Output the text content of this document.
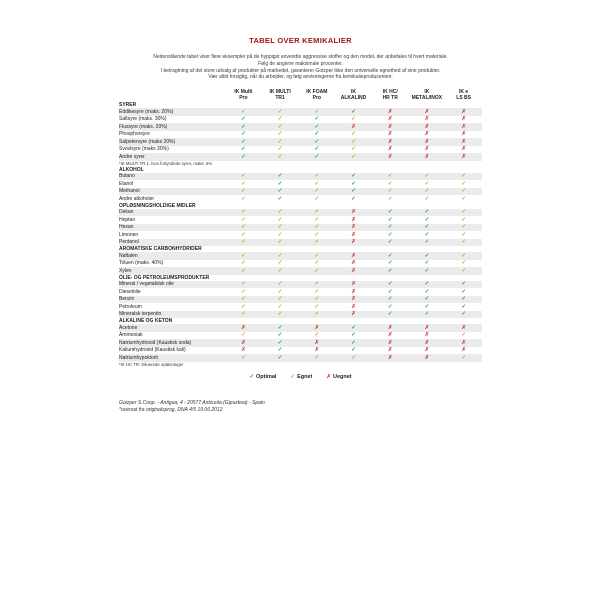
TABEL OVER KEMIKALIER
Nedenstående tabel viser flere eksempler på de hyppigst anvendte aggressive stoffer og den model, der anbefales til hvert materiale.
Følg de angivne maksimale procenter.
I betragtning af det store udvalg af produkter på markedet, garanterer Goizper ikke den universelle egnethed af sine produkter.
Vær altid forsigtig, når du arbejder, og følg anvisningerne fra kemikalieproducenten.

IK Multi
Pro

IK MULTI
TR1

IK FOAM
Pro

IK
ALKALIND

IK HC/
HR TR

IK
METAL/INOX

IK e
LS BS

SYRER							
Eddikesyre (maks. 20%)	✓	✓	✓	✓	✗	✗	✗
Saltsyre (maks. 30%)	✓	✓	✓	✓	✗	✗	✗
Flussyre (maks. 20%)	✓	✓	✓	✗	✗	✗	✗
Phosphorsyre	✓	✓	✓	✓	✗	✗	✗
Salpetersyre (maks 20%)	✓	✓	✓	✓	✗	✗	✗
Svovlsyre (maks 30%)	✓	✓	✓	✓	✗	✗	✗
Andre syrer	✓	✓	✓	✓	✗	✗	✗
*IK MULTI TR 1: Kun fortyndede syrer, maks. 5%							
ALKOHOL							
Butano	✓	✓	✓	✓	✓	✓	✓
Etanol	✓	✓	✓	✓	✓	✓	✓
Methanol	✓	✓	✓	✓	✓	✓	✓
Andre alkoholer	✓	✓	✓	✓	✓	✓	✓
OPLØSNINGSHOLDIGE MIDLER							
Dekan	✓	✓	✓	✗	✓	✓	✓
Heptan	✓	✓	✓	✗	✓	✓	✓
Hexan	✓	✓	✓	✗	✓	✓	✓
Limonen	✓	✓	✓	✗	✓	✓	✓
Pentanol	✓	✓	✓	✗	✓	✓	✓
AROMATISKE CARBONHYDRIDER							
Naftalen	✓	✓	✓	✗	✓	✓	✓
Toluen (maks. 40%)	✓	✓	✓	✗	✓	✓	✓
Xylen	✓	✓	✓	✗	✓	✓	✓
OLIE- OG PETROLEUMSPRODUKTER							
Mineral / vegetabilsk olie	✓	✓	✓	✗	✓	✓	✓
Dieselolie	✓	✓	✓	✗	✓	✓	✓
Benzin	✓	✓	✓	✗	✓	✓	✓
Petroleum	✓	✓	✓	✗	✓	✓	✓
Mineralsk terpentin	✓	✓	✓	✗	✓	✓	✓
ALKALINE OG KETON							
Acetone	✗	✓	✗	✓	✗	✗	✗
Ammoniak	✓	✓	✓	✓	✗	✗	✓
Natriumhydroxid (Kaustisk soda)	✗	✓	✗	✓	✗	✗	✗
Kaliumhydroxid (Kaustisk kali)	✗	✓	✗	✓	✗	✗	✗
Natriumhypoklorit	✓	✓	✓	✓	✗	✗	✓
*IK HC TR: Diluerede opløsninger							
✓ Optimal	✓ Egnet	✗ Uegnet
Goizper S.Coop. - Antigua, 4 - 20577 Antzuola (Gipuzkoa) - Spain
*oversat fra originalsprog, DNA 4/5 19.06.2012
